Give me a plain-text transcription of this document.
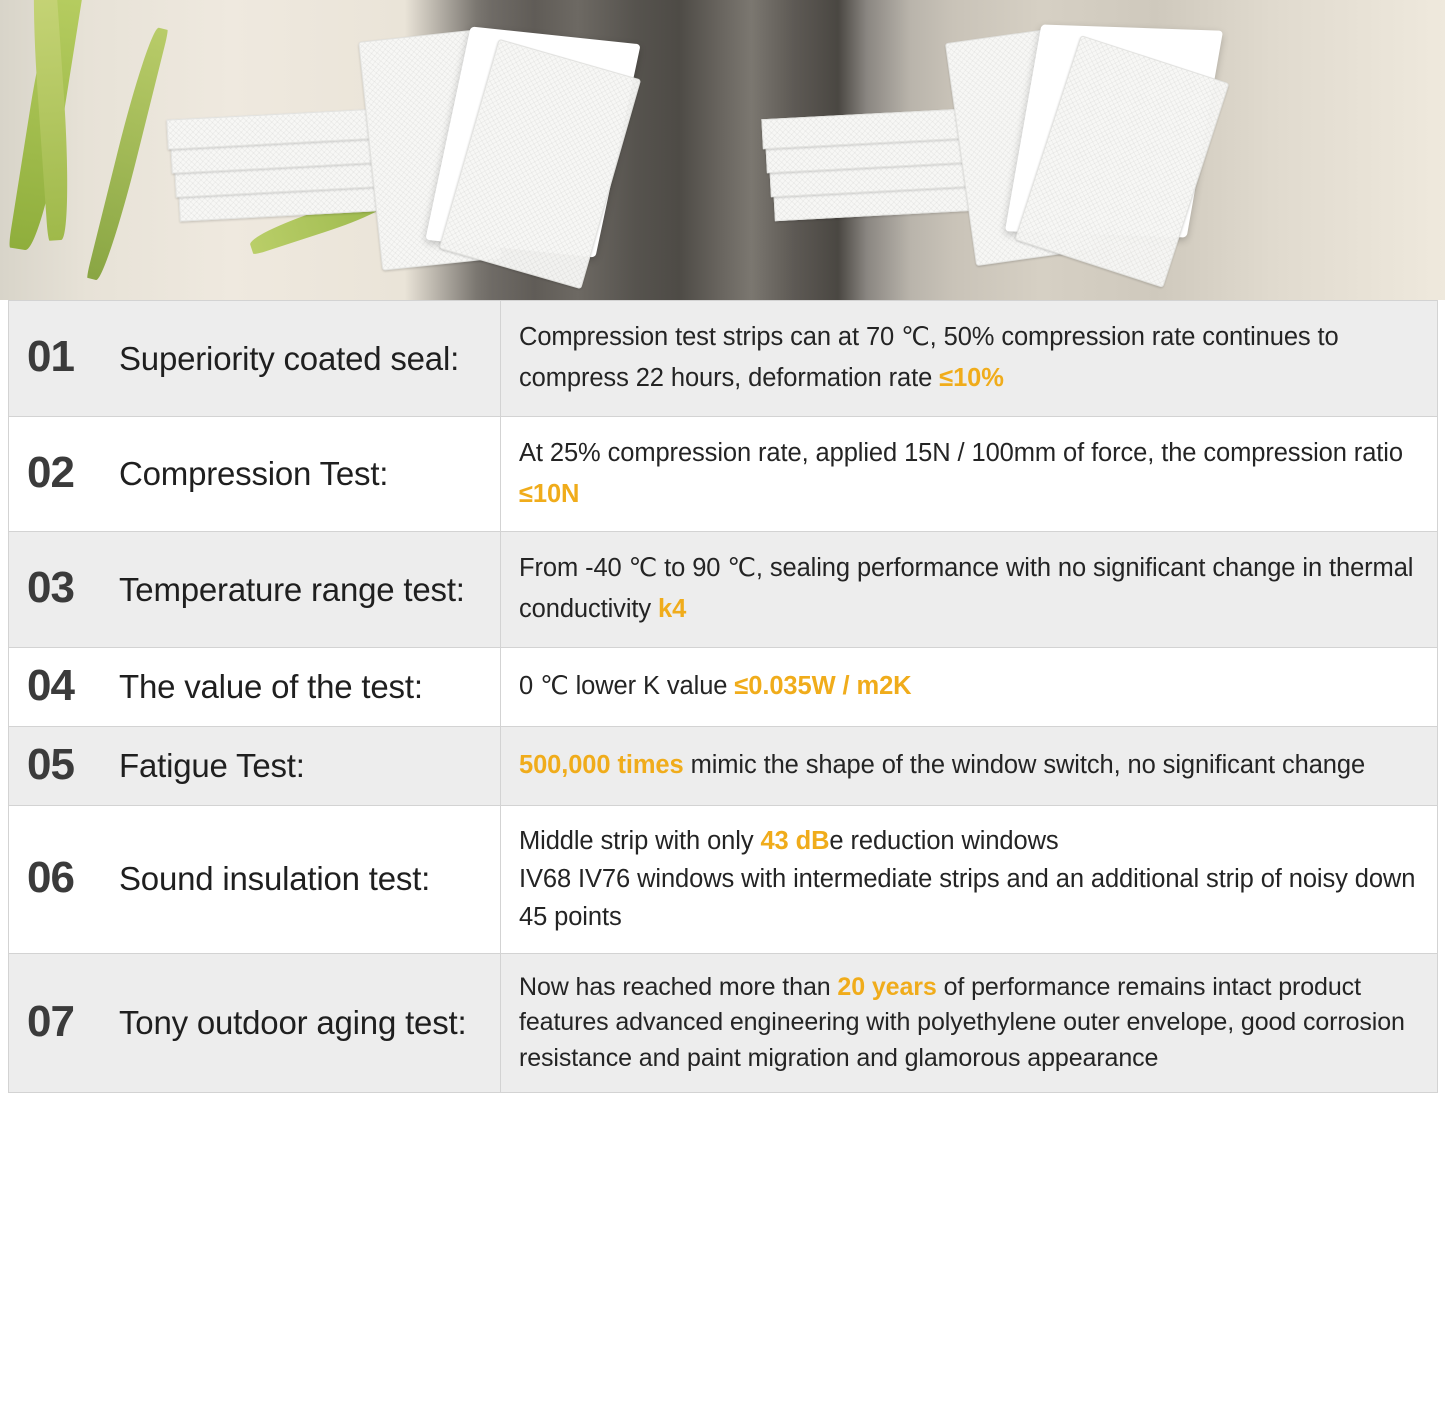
01 Superiority coated seal:	Compression test strips can at 70 ℃, 50% compression rate continues to compress 22 hours, deformation rate ≤10%

02 Compression Test:	At 25% compression rate, applied 15N / 100mm of force, the compression ratio ≤10N

03 Temperature range test:	From -40 ℃ to 90 ℃, sealing performance with no significant change in thermal conductivity k4

04 The value of the test:	0 ℃ lower K value ≤0.035W / m2K

05 Fatigue Test:	500,000 times mimic the shape of the window switch, no significant change

06 Sound insulation test:	Middle strip with only 43 dBe reduction windows
IV68 IV76 windows with intermediate strips and an additional strip of noisy down 45 points

07 Tony outdoor aging test:	Now has reached more than 20 years of performance remains intact product features advanced engineering with polyethylene outer envelope, good corrosion resistance and paint migration and glamorous appearance
